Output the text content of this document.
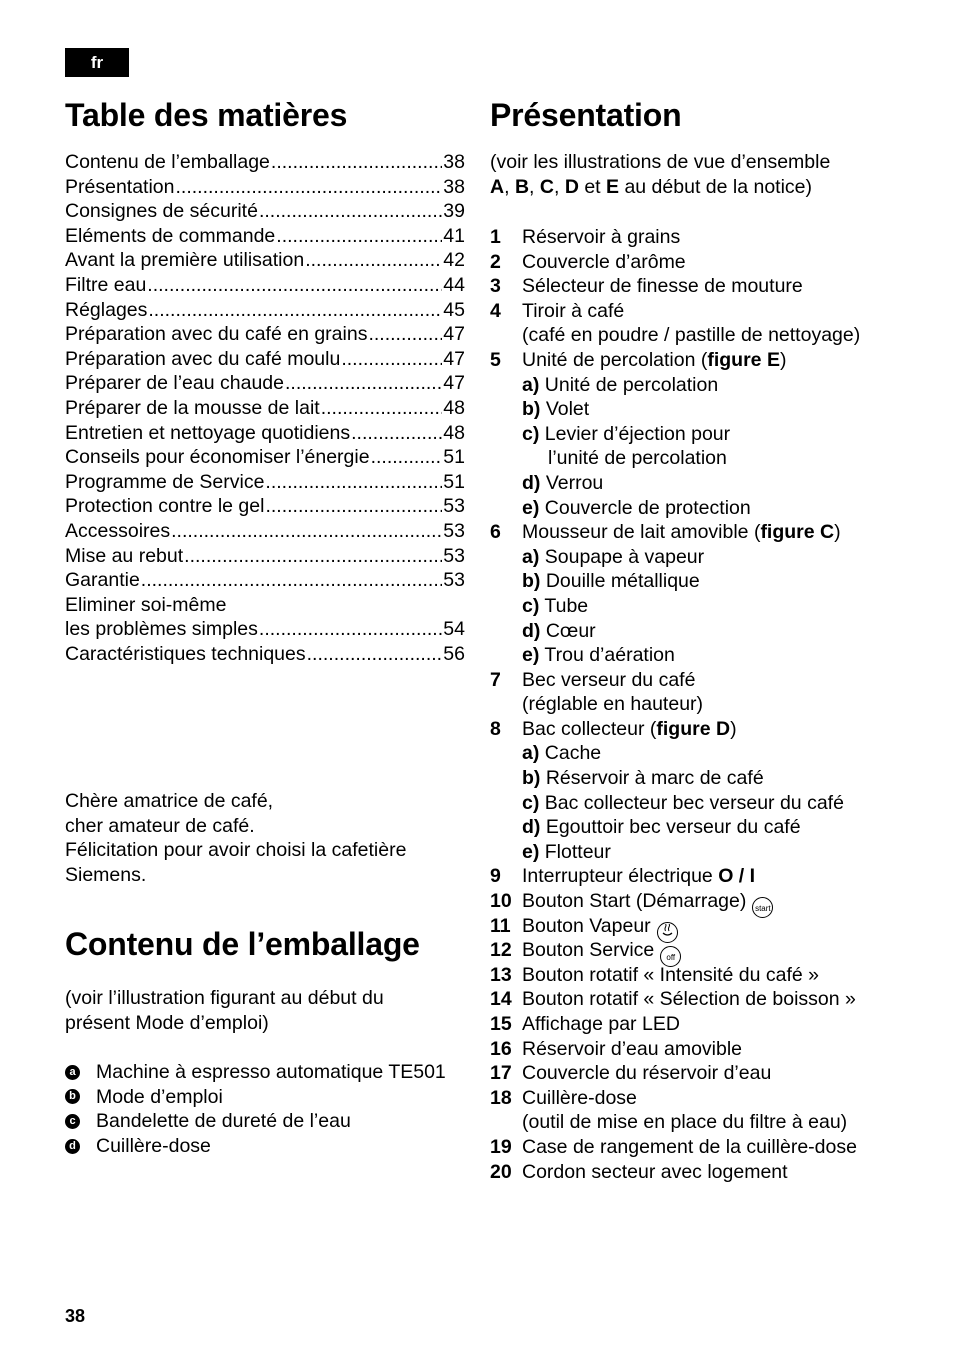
fr
Table des matières
Contenu de l’emballage .....	38
Présentation .....	38
Consignes de sécurité .....	39
Eléments de commande .....	41
Avant la première utilisation .....	42
Filtre eau .....	44
Réglages .....	45
Préparation avec du café en grains .....	47
Préparation avec du café moulu .....	47
Préparer de l’eau chaude .....	47
Préparer de la mousse de lait .....	48
Entretien et nettoyage quotidiens .....	48
Conseils pour économiser l’énergie .....	51
Programme de Service .....	51
Protection contre le gel .....	53
Accessoires .....	53
Mise au rebut .....	53
Garantie .....	53
Eliminer soi-même
les problèmes simples .....	54
Caractéristiques techniques .....	56
Chère amatrice de café,
cher amateur de café.
Félicitation pour avoir choisi la cafetière
Siemens.
Contenu de l’emballage
(voir l’illustration figurant au début du
présent Mode d’emploi)
a Machine à espresso automatique TE501
b Mode d’emploi
c Bandelette de dureté de l’eau
d Cuillère-dose
Présentation
(voir les illustrations de vue d’ensemble
A, B, C, D et E au début de la notice)
1 Réservoir à grains
2 Couvercle d’arôme
3 Sélecteur de finesse de mouture
4 Tiroir à café
(café en poudre / pastille de nettoyage)
5 Unité de percolation (figure E)
a) Unité de percolation
b) Volet
c) Levier d’éjection pour
l’unité de percolation
d) Verrou
e) Couvercle de protection
6 Mousseur de lait amovible (figure C)
a) Soupape à vapeur
b) Douille métallique
c) Tube
d) Cœur
e) Trou d’aération
7 Bec verseur du café
(réglable en hauteur)
8 Bac collecteur (figure D)
a) Cache
b) Réservoir à marc de café
c) Bac collecteur bec verseur du café
d) Egouttoir bec verseur du café
e) Flotteur
9 Interrupteur électrique O / I
10 Bouton Start (Démarrage) start
11 Bouton Vapeur
12 Bouton Service off
13 Bouton rotatif « Intensité du café »
14 Bouton rotatif « Sélection de boisson »
15 Affichage par LED
16 Réservoir d’eau amovible
17 Couvercle du réservoir d’eau
18 Cuillère-dose
(outil de mise en place du filtre à eau)
19 Case de rangement de la cuillère-dose
20 Cordon secteur avec logement
38
